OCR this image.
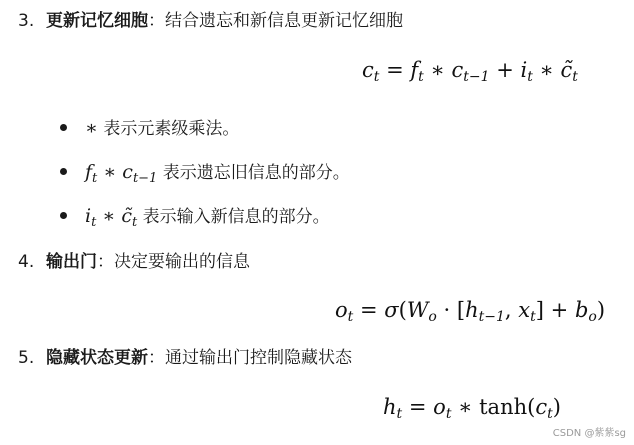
3. 更新记忆细胞：结合遗忘和新信息更新记忆细胞
$c_t = f_t$ ∗ $c_{t-1} + i_t$ ∗ $c̃_t$
∗ 表示元素级乘法。
$f_t$ ∗ $c_{t-1}$ 表示遗忘旧信息的部分。
$i_t$ ∗ $c̃_t$ 表示输入新信息的部分。
4. 输出门：决定要输出的信息
$o_t = \sigma(W_o \cdot [h_{t-1}$, $x_t] + b_o$)
5. 隐藏状态更新：通过输出门控制隐藏状态
$h_t = o_t$ ∗ $\tanh(c_t)$
CSDN @紫紫sg
